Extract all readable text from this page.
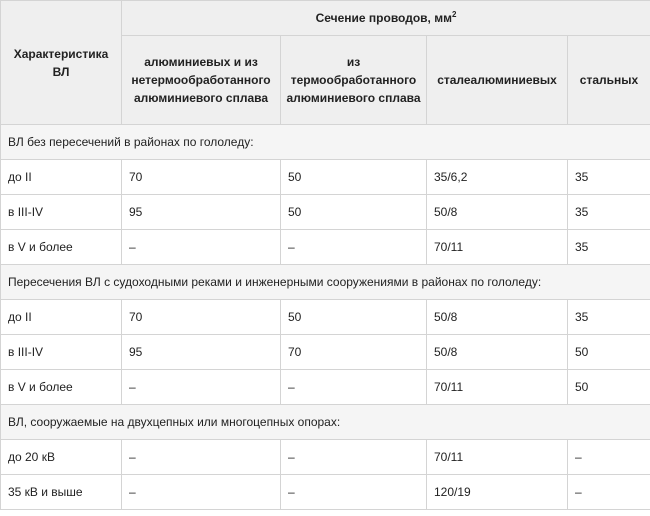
Характеристика ВЛ	Сечение проводов, $мм^2$
	алюминиевых и из нетермообработанного алюминиевого сплава	из термообработанного алюминиевого сплава	сталеалюминиевых	стальных
ВЛ без пересечений в районах по гололеду:				
до II	70	50	35/6,2	35
в III-IV	95	50	50/8	35
в V и более	–	–	70/11	35
Пересечения ВЛ с судоходными реками и инженерными сооружениями в районах по гололеду:				
до II	70	50	50/8	35
в III-IV	95	70	50/8	50
в V и более	–	–	70/11	50
ВЛ, сооружаемые на двухцепных или многоцепных опорах:				
до 20 кВ	–	–	70/11	–
35 кВ и выше	–	–	120/19	–
